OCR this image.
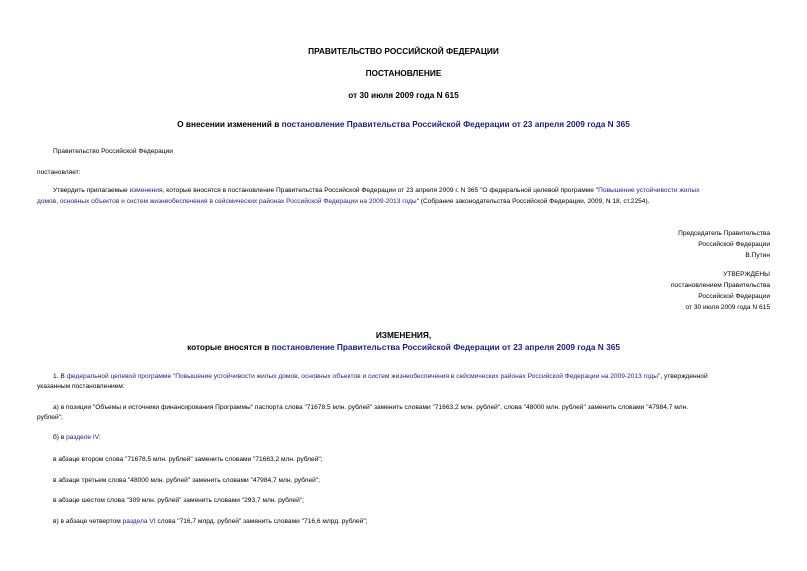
ПРАВИТЕЛЬСТВО РОССИЙСКОЙ ФЕДЕРАЦИИ
ПОСТАНОВЛЕНИЕ
от 30 июля 2009 года N 615
О внесении изменений в постановление Правительства Российской Федерации от 23 апреля 2009 года N 365
Правительство Российской Федерации
постановляет:
Утвердить прилагаемые изменения, которые вносятся в постановление Правительства Российской Федерации от 23 апреля 2009 г. N 365 "О федеральной целевой программе "Повышение устойчивости жилых
домов, основных объектов и систем жизнеобеспечения в сейсмических районах Российской Федерации на 2009-2013 годы" (Собрание законодательства Российской Федерации, 2009, N 18, ст.2254).
Председатель Правительства
Российской Федерации
В.Путин
УТВЕРЖДЕНЫ
постановлением Правительства
Российской Федерации
от 30 июля 2009 года N 615
ИЗМЕНЕНИЯ,
которые вносятся в постановление Правительства Российской Федерации от 23 апреля 2009 года N 365
1. В федеральной целевой программе "Повышение устойчивости жилых домов, основных объектов и систем жизнеобеспечения в сейсмических районах Российской Федерации на 2009-2013 годы", утвержденной
указанным постановлением:
а) в позиции "Объемы и источники финансирования Программы" паспорта слова "71678,5 млн. рублей" заменить словами "71663,2 млн. рублей", слова "48000 млн. рублей" заменить словами "47984,7 млн.
рублей";
б) в разделе IV:
в абзаце втором слова "71678,5 млн. рублей" заменить словами "71663,2 млн. рублей";
в абзаце третьем слова "48000 млн. рублей" заменить словами "47984,7 млн. рублей";
в абзаце шестом слова "309 млн. рублей" заменить словами "293,7 млн. рублей";
в) в абзаце четвертом раздела VI слова "716,7 млрд. рублей" заменить словами "716,6 млрд. рублей";
